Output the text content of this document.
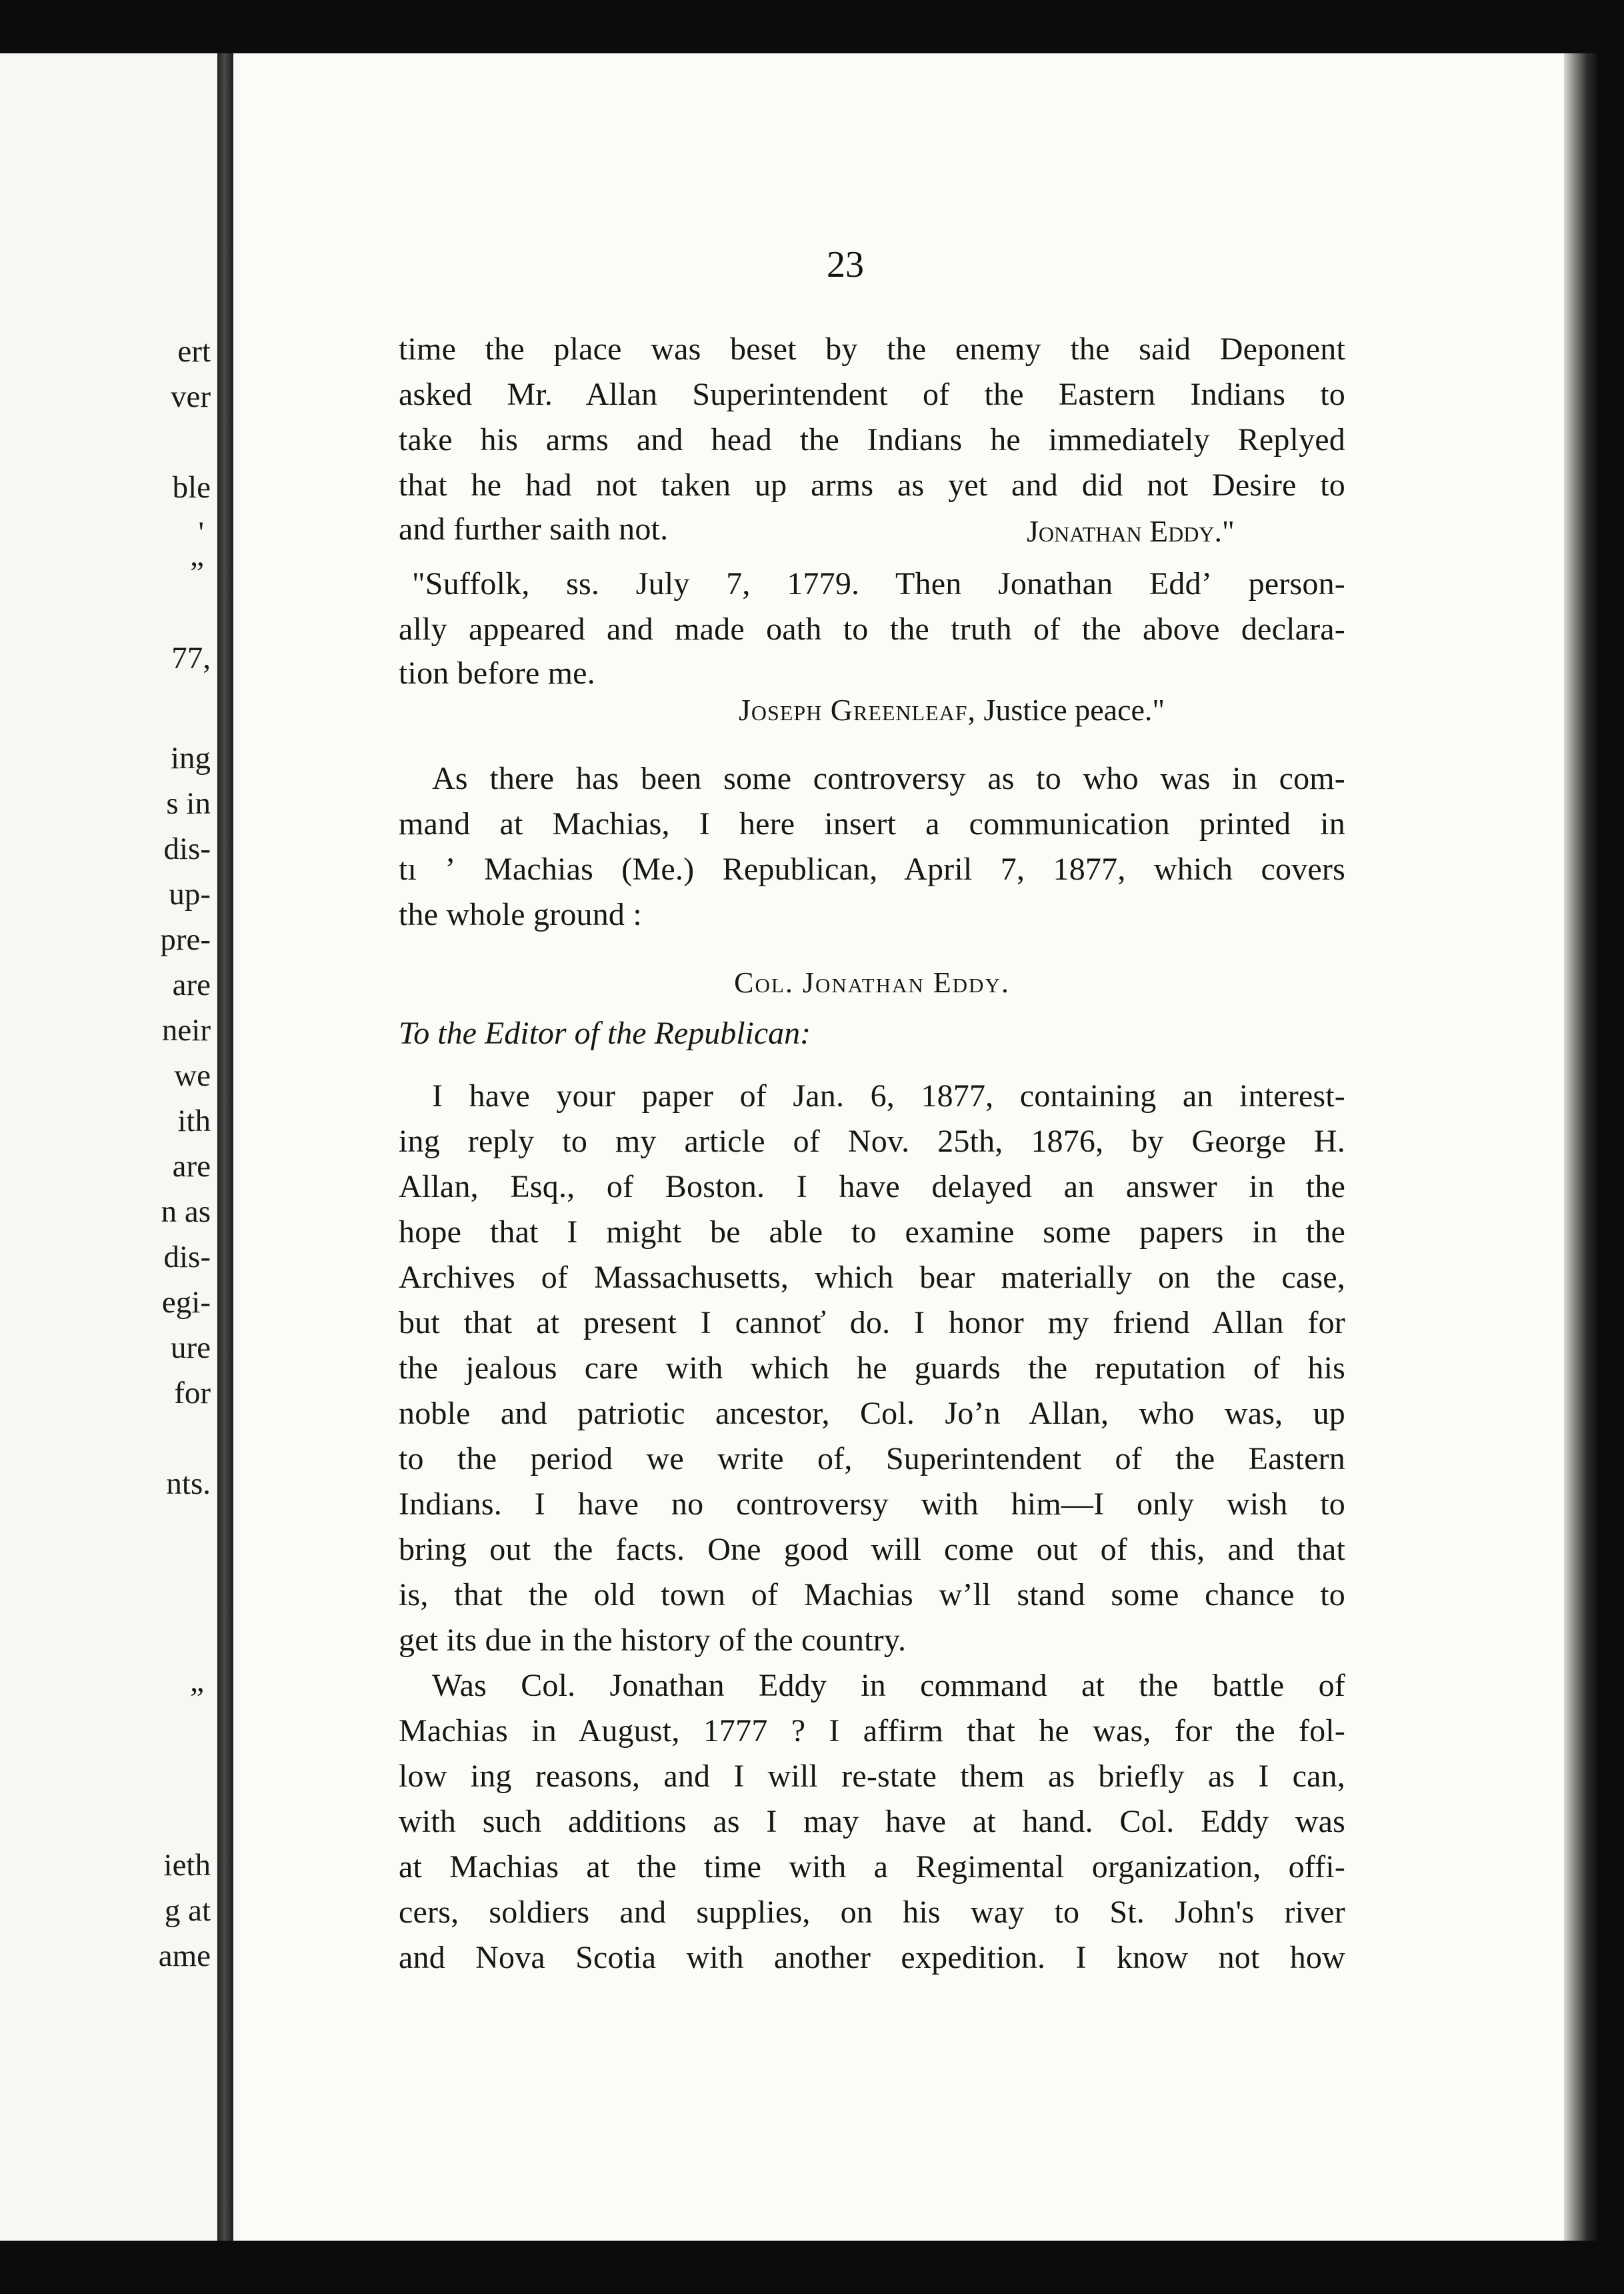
ert
ver
ble
'
”
77,
ing
s in
dis-
up-
pre-
are
neir
we
ith
are
n as
dis-
egi-
ure
for
nts.
”
ieth
g at
ame
23
time the place was beset by the enemy the said Deponent
asked Mr. Allan Superintendent of the Eastern Indians to
take his arms and head the Indians he immediately Replyed
that he had not taken up arms as yet and did not Desire to
and further saith not.	Jonathan Eddy."
"Suffolk, ss. July 7, 1779. Then Jonathan Eddʼ person-
ally appeared and made oath to the truth of the above declara-
tion before me.
Joseph Greenleaf, Justice peace."
As there has been some controversy as to who was in com-
mand at Machias, I here insert a communication printed in
tı ʼ Machias (Me.) Republican, April 7, 1877, which covers
the whole ground :
Col. Jonathan Eddy.
To the Editor of the Republican:
I have your paper of Jan. 6, 1877, containing an interest-
ing reply to my article of Nov. 25th, 1876, by George H.
Allan, Esq., of Boston. I have delayed an answer in the
hope that I might be able to examine some papers in the
Archives of Massachusetts, which bear materially on the case,
but that at present I cannoť do. I honor my friend Allan for
the jealous care with which he guards the reputation of his
noble and patriotic ancestor, Col. Joʼn Allan, who was, up
to the period we write of, Superintendent of the Eastern
Indians. I have no controversy with him—I only wish to
bring out the facts. One good will come out of this, and that
is, that the old town of Machias wʼll stand some chance to
get its due in the history of the country.
Was Col. Jonathan Eddy in command at the battle of
Machias in August, 1777 ? I affirm that he was, for the fol-
low ing reasons, and I will re-state them as briefly as I can,
with such additions as I may have at hand. Col. Eddy was
at Machias at the time with a Regimental organization, offi-
cers, soldiers and supplies, on his way to St. John's river
and Nova Scotia with another expedition. I know not how
